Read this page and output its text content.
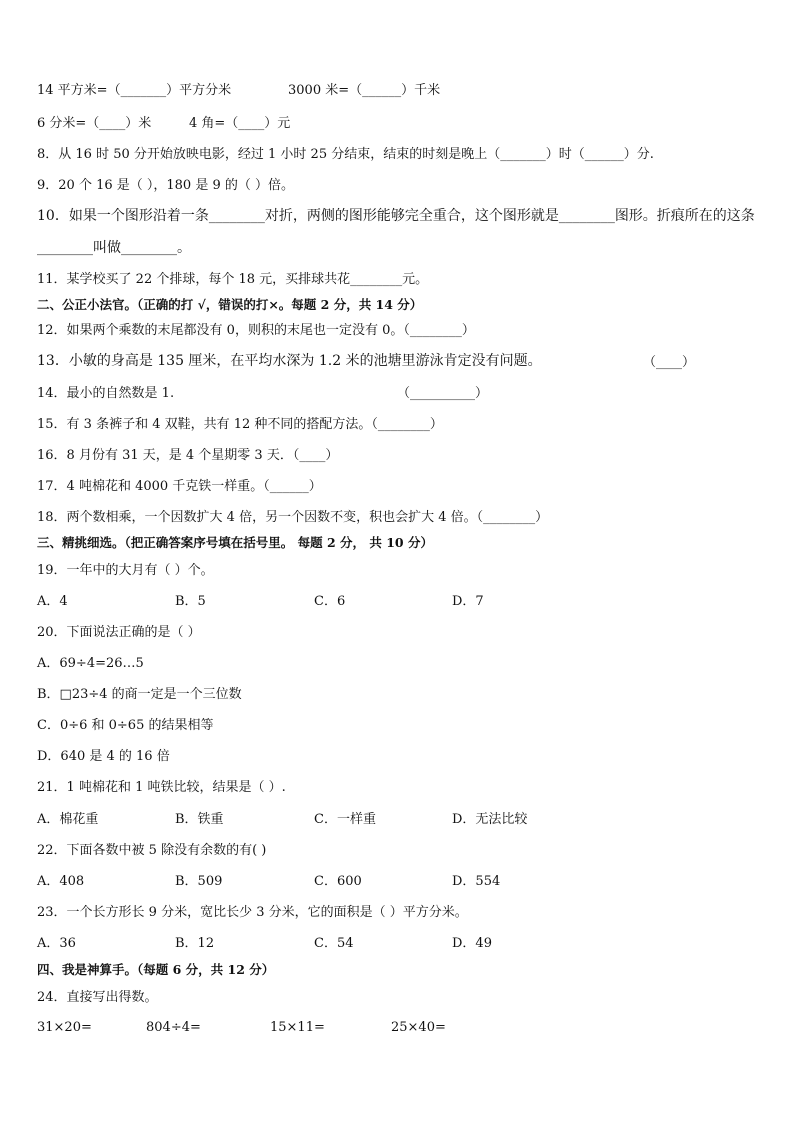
14 平方米=（_______）平方分米	3000 米=（______）千米
6 分米=（____）米	4 角=（____）元
8．从 16 时 50 分开始放映电影，经过 1 小时 25 分结束，结束的时刻是晚上（_______）时（______）分.
9．20 个 16 是（ ），180 是 9 的（ ）倍。
10．如果一个图形沿着一条________对折，两侧的图形能够完全重合，这个图形就是________图形。折痕所在的这条
________叫做________。
11．某学校买了 22 个排球，每个 18 元，买排球共花________元。
二、公正小法官。（正确的打 √，错误的打×。每题 2 分，共 14 分）
12．如果两个乘数的末尾都没有 0，则积的末尾也一定没有 0。（________）
13．小敏的身高是 135 厘米，在平均水深为 1.2 米的池塘里游泳肯定没有问题。	（____）
14．最小的自然数是 1.	（__________）
15．有 3 条裤子和 4 双鞋，共有 12 种不同的搭配方法。（________）
16．8 月份有 31 天，是 4 个星期零 3 天．（____）
17．4 吨棉花和 4000 千克铁一样重。（______）
18．两个数相乘，一个因数扩大 4 倍，另一个因数不变，积也会扩大 4 倍。（________）
三、精挑细选。（把正确答案序号填在括号里。 每题 2 分， 共 10 分）
19．一年中的大月有（ ）个。
A．4	B．5	C．6	D．7
20．下面说法正确的是（ ）
A．69÷4=26…5
B．□23÷4 的商一定是一个三位数
C．0÷6 和 0÷65 的结果相等
D．640 是 4 的 16 倍
21．1 吨棉花和 1 吨铁比较，结果是（ ）.
A．棉花重	B．铁重	C．一样重	D．无法比较
22．下面各数中被 5 除没有余数的有( )
A．408	B．509	C．600	D．554
23．一个长方形长 9 分米，宽比长少 3 分米，它的面积是（ ）平方分米。
A．36	B．12	C．54	D．49
四、我是神算手。（每题 6 分，共 12 分）
24．直接写出得数。
31×20=	804÷4=	15×11=	25×40=
